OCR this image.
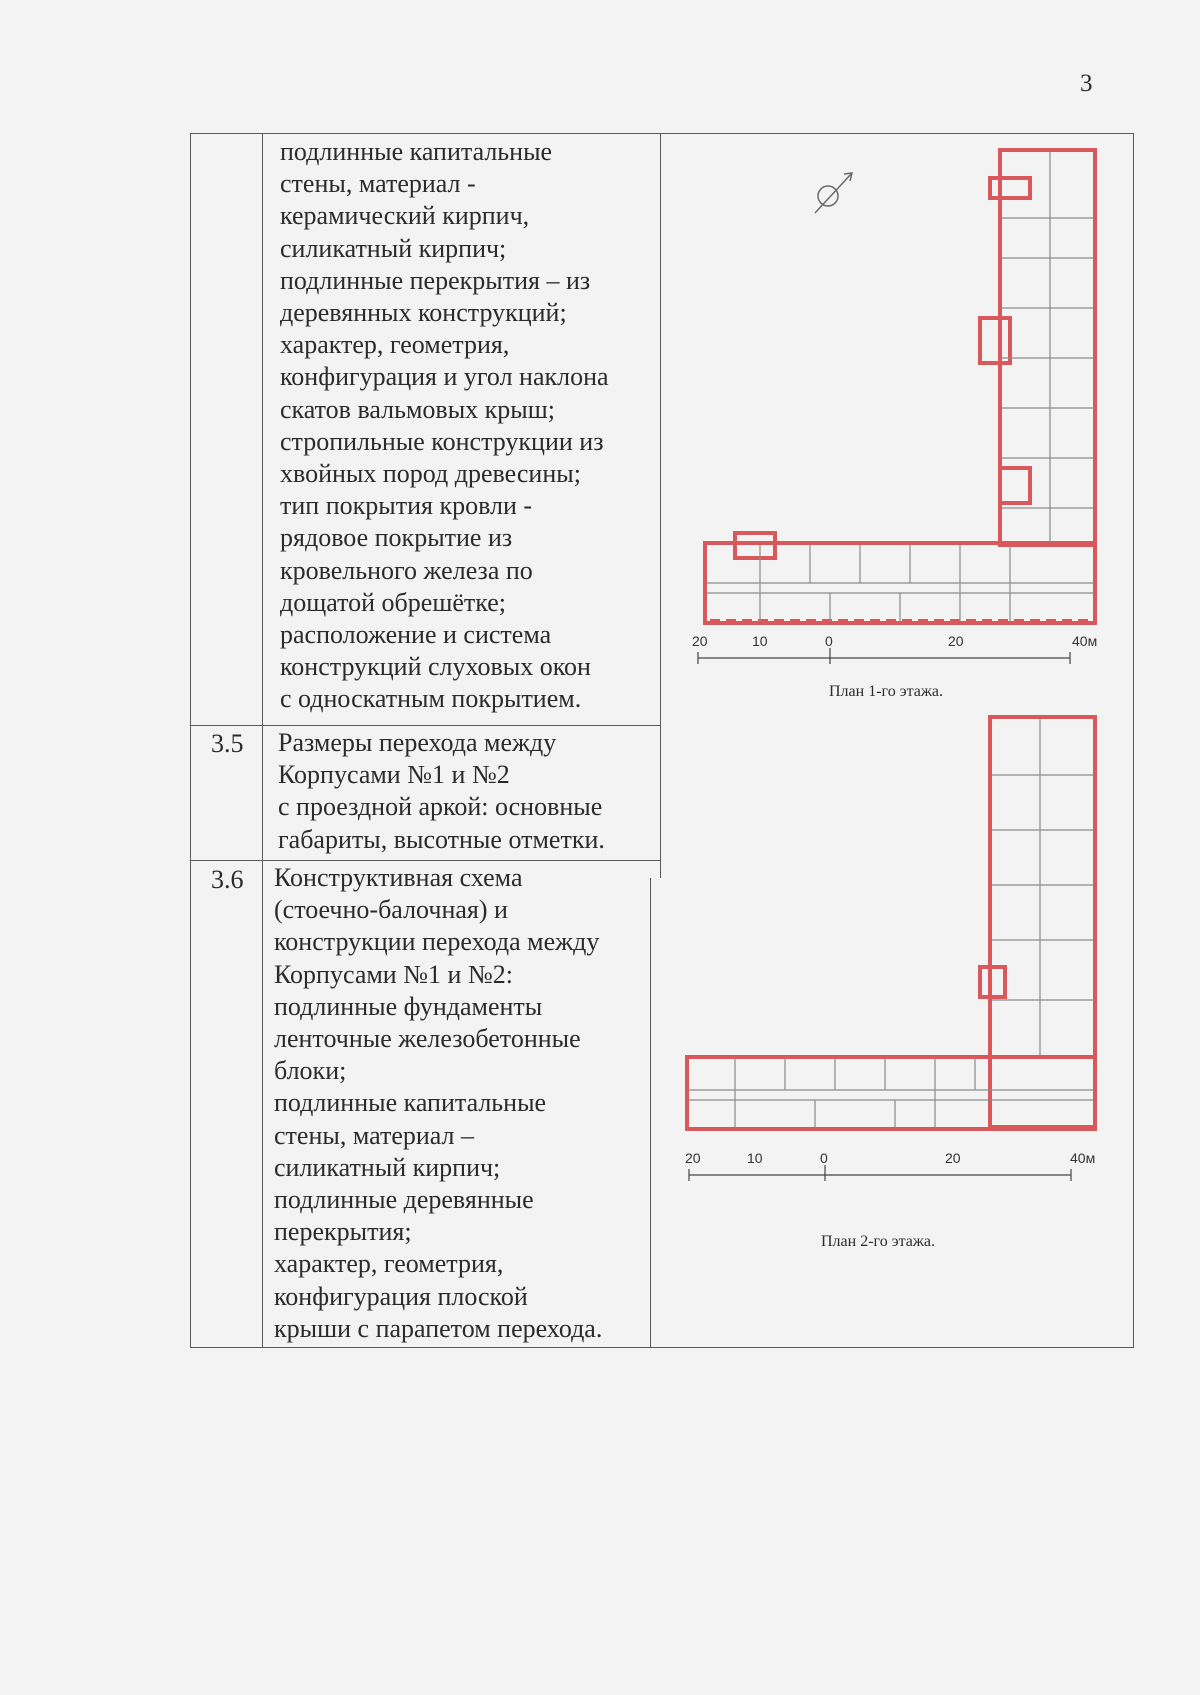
3
подлинные капитальные
стены, материал -
керамический кирпич,
силикатный кирпич;
подлинные перекрытия – из
деревянных конструкций;
характер, геометрия,
конфигурация и угол наклона
скатов вальмовых крыш;
стропильные конструкции из
хвойных пород древесины;
тип покрытия кровли -
рядовое покрытие из
кровельного железа по
дощатой обрешётке;
расположение и система
конструкций слуховых окон
с односкатным покрытием.
3.5 Размеры перехода между
Корпусами №1 и №2
с проездной аркой: основные
габариты, высотные отметки.
3.6 Конструктивная схема
(стоечно-балочная) и
конструкции перехода между
Корпусами №1 и №2:
подлинные фундаменты
ленточные железобетонные
блоки;
подлинные капитальные
стены, материал –
силикатный кирпич;
подлинные деревянные
перекрытия;
характер, геометрия,
конфигурация плоской
крыши с парапетом перехода.
20	10	0	20	40м
План 1-го этажа.
20	10	0	20	40м
План 2-го этажа.
